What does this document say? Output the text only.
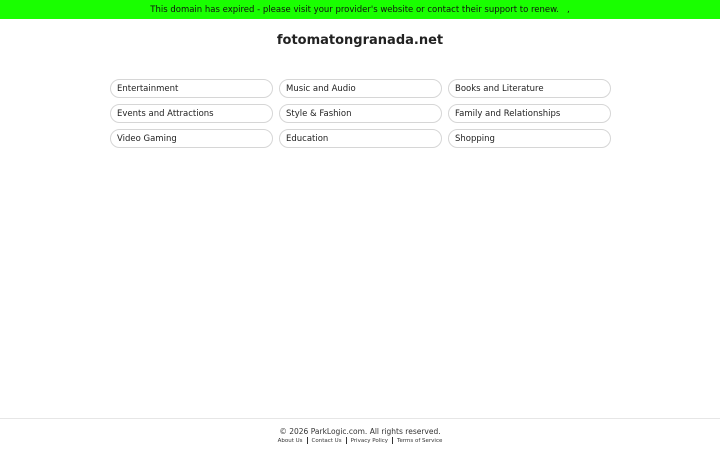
This domain has expired - please visit your provider's website or contact their support to renew. ,
fotomatongranada.net
Entertainment	Music and Audio	Books and Literature
Events and Attractions	Style & Fashion	Family and Relationships
Video Gaming	Education	Shopping
© 2026 ParkLogic.com. All rights reserved.
About Us	Contact Us	Privacy Policy	Terms of Service
